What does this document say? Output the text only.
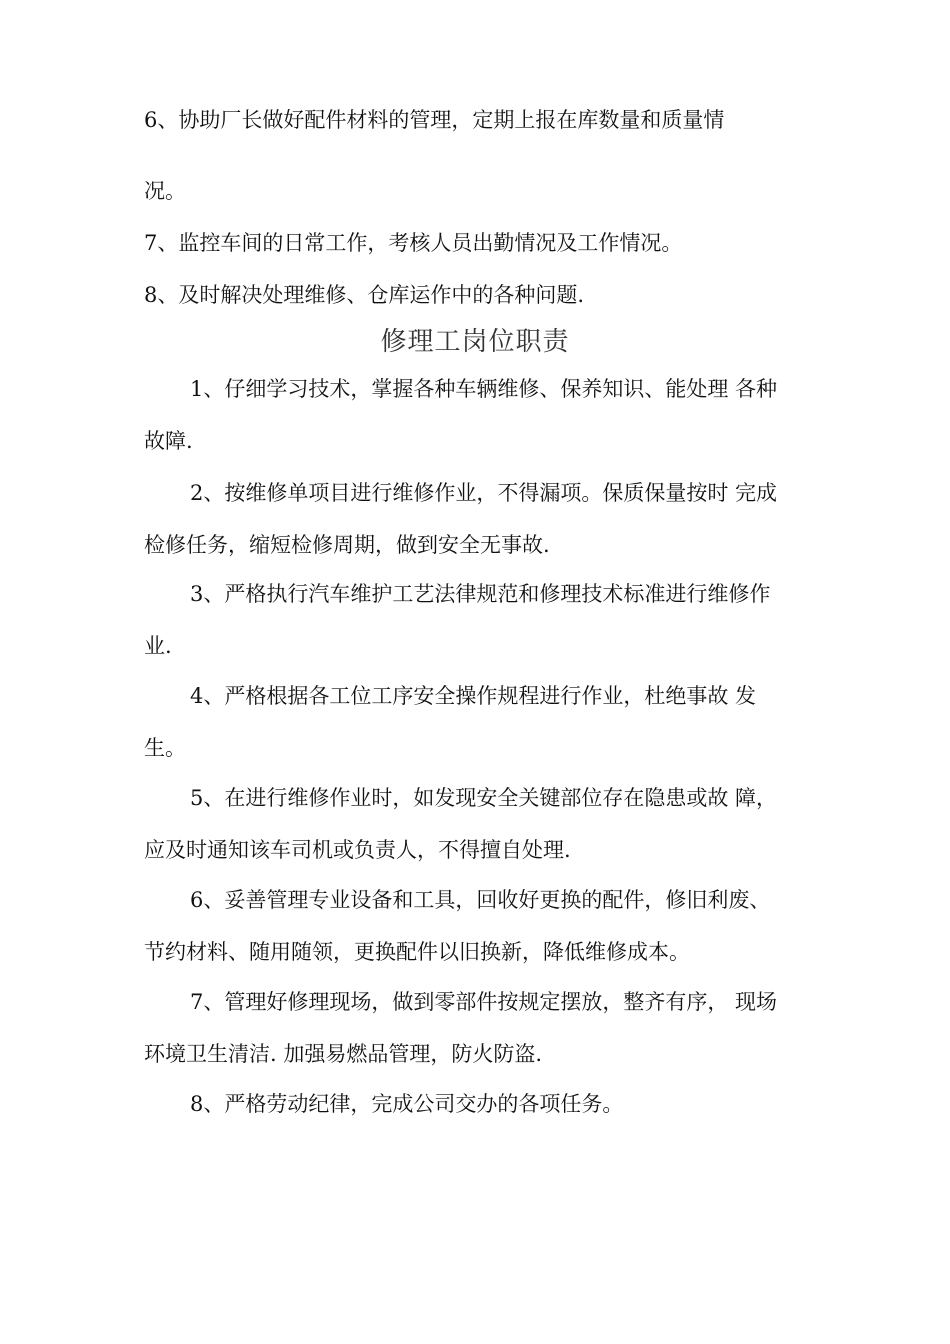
6、协助厂长做好配件材料的管理，定期上报在库数量和质量情
况。
7、监控车间的日常工作，考核人员出勤情况及工作情况。
8、及时解决处理维修、仓库运作中的各种问题.
修理工岗位职责
1、仔细学习技术，掌握各种车辆维修、保养知识、能处理 各种
故障.
2、按维修单项目进行维修作业，不得漏项。保质保量按时 完成
检修任务，缩短检修周期，做到安全无事故.
3、严格执行汽车维护工艺法律规范和修理技术标准进行维修作
业.
4、严格根据各工位工序安全操作规程进行作业，杜绝事故 发
生。
5、在进行维修作业时，如发现安全关键部位存在隐患或故 障，
应及时通知该车司机或负责人，不得擅自处理.
6、妥善管理专业设备和工具，回收好更换的配件，修旧利废、
节约材料、随用随领，更换配件以旧换新，降低维修成本。
7、管理好修理现场，做到零部件按规定摆放，整齐有序， 现场
环境卫生清洁. 加强易燃品管理，防火防盗.
8、严格劳动纪律，完成公司交办的各项任务。
